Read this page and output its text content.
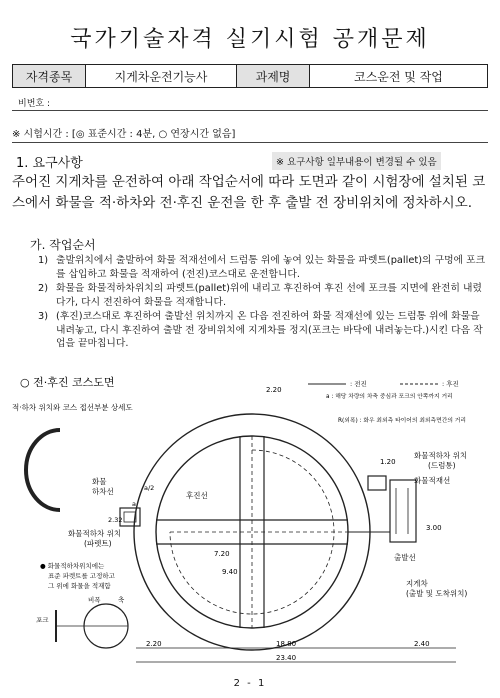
국가기술자격 실기시험 공개문제
자격종목	지게차운전기능사	과제명	코스운전 및 작업
비번호 :
※ 시험시간 : [◎ 표준시간 : 4분, ○ 연장시간 없음]
1. 요구사항	※ 요구사항 일부내용이 변경될 수 있음
주어진 지게차를 운전하여 아래 작업순서에 따라 도면과 같이 시험장에 설치된 코스에서 화물을 적·하차와 전·후진 운전을 한 후 출발 전 장비위치에 정차하시오.
가. 작업순서
1) 출발위치에서 출발하여 화물 적재선에서 드럼통 위에 놓여 있는 화물을 파렛트(pallet)의 구멍에 포크를 삽입하고 화물을 적재하여 (전진)코스대로 운전합니다.
2) 화물을 화물적하차위치의 파렛트(pallet)위에 내리고 후진하여 후진 선에 포크를 지면에 완전히 내렸다가, 다시 전진하여 화물을 적재합니다.
3) (후진)코스대로 후진하여 출발선 위치까지 온 다음 전진하여 화물 적재선에 있는 드럼통 위에 화물을 내려놓고, 다시 후진하여 출발 전 장비위치에 지게차를 정지(포크는 바닥에 내려놓는다.)시킨 다음 작업을 끝마칩니다.
○ 전·후진 코스도면
적·하차 위치와 코스 접선부분 상세도
: 전진	: 후진
a : 해당 차량의 차축 중심과 포크의 안쪽까지 거리
R(외폭) : 화우 최외측 타이어의 최외측면간의 거리
화물적하차 위치
(드럼통)
화물적재선
화물
하차선	후진선
화물적하차 위치
(파렛트)
출발선
지게차
(출발 및 도착위치)
● 화물적하차위치에는
표준 파렛트를 고정하고
그 위에 화물을 적재함
포크
비폭	축
2.20
1.20
3.00
7.20
9.40
2.32
a/2
a
2.20	18.80	2.40
23.40
2 - 1
